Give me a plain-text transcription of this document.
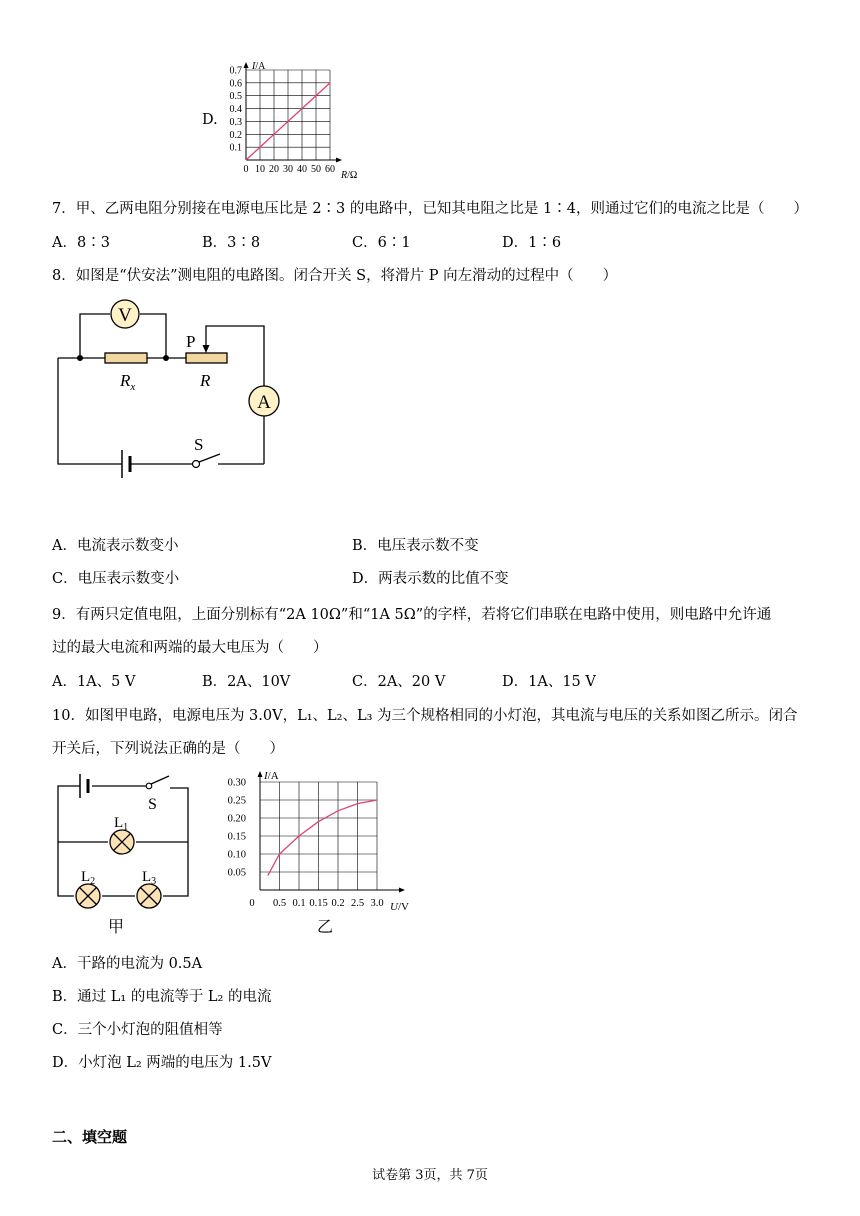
D.
I/A
R/Ω
0.7
0.6
0.5
0.4
0.3
0.2
0.1
0 10 20 30 40 50 60
7．甲、乙两电阻分别接在电源电压比是 2∶3 的电路中，已知其电阻之比是 1∶4，则通过它们的电流之比是（　　）
A．8∶3	B．3∶8	C．6∶1	D．1∶6
8．如图是“伏安法”测电阻的电路图。闭合开关 S，将滑片 P 向左滑动的过程中（　　）
V
$R_x$
P
R
A
S
A．电流表示数变小	B．电压表示数不变
C．电压表示数变小	D．两表示数的比值不变
9．有两只定值电阻，上面分别标有“2A 10Ω”和“1A 5Ω”的字样，若将它们串联在电路中使用，则电路中允许通
过的最大电流和两端的最大电压为（　　）
A．1A、5 V	B．2A、10V	C．2A、20 V	D．1A、15 V
10．如图甲电路，电源电压为 3.0V，L₁、L₂、L₃ 为三个规格相同的小灯泡，其电流与电压的关系如图乙所示。闭合
开关后，下列说法正确的是（　　）
S
$L_1$
$L_2$	$L_3$
甲
I/A
U/V
0.30
0.25
0.20
0.15
0.10
0.05
0 0.5 0.1 0.15 0.2 2.5 3.0
乙
A．干路的电流为 0.5A
B．通过 L₁ 的电流等于 L₂ 的电流
C．三个小灯泡的阻值相等
D．小灯泡 L₂ 两端的电压为 1.5V
二、填空题
试卷第 3页，共 7页
